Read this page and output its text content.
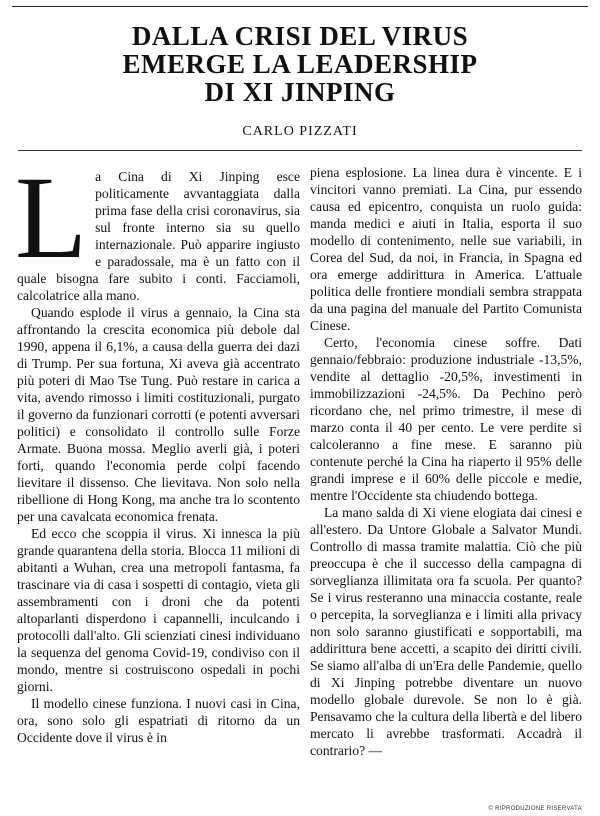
DALLA CRISI DEL VIRUS
EMERGE LA LEADERSHIP
DI XI JINPING
CARLO PIZZATI

La Cina di Xi Jinping esce politicamente avvantaggiata dalla prima fase della crisi coronavirus, sia sul fronte interno sia su quello internazionale. Può apparire ingiusto e paradossale, ma è un fatto con il quale bisogna fare subito i conti. Facciamoli, calcolatrice alla mano.

Quando esplode il virus a gennaio, la Cina sta affrontando la crescita economica più debole dal 1990, appena il 6,1%, a causa della guerra dei dazi di Trump. Per sua fortuna, Xi aveva già accentrato più poteri di Mao Tse Tung. Può restare in carica a vita, avendo rimosso i limiti costituzionali, purgato il governo da funzionari corrotti (e potenti avversari politici) e consolidato il controllo sulle Forze Armate. Buona mossa. Meglio averli già, i poteri forti, quando l'economia perde colpi facendo lievitare il dissenso. Che lievitava. Non solo nella ribellione di Hong Kong, ma anche tra lo scontento per una cavalcata economica frenata.

Ed ecco che scoppia il virus. Xi innesca la più grande quarantena della storia. Blocca 11 milioni di abitanti a Wuhan, crea una metropoli fantasma, fa trascinare via di casa i sospetti di contagio, vieta gli assembramenti con i droni che da potenti altoparlanti disperdono i capannelli, inculcando i protocolli dall'alto. Gli scienziati cinesi individuano la sequenza del genoma Covid-19, condiviso con il mondo, mentre si costruiscono ospedali in pochi giorni.

Il modello cinese funziona. I nuovi casi in Cina, ora, sono solo gli espatriati di ritorno da un Occidente dove il virus è in

piena esplosione. La linea dura è vincente. E i vincitori vanno premiati. La Cina, pur essendo causa ed epicentro, conquista un ruolo guida: manda medici e aiuti in Italia, esporta il suo modello di contenimento, nelle sue variabili, in Corea del Sud, da noi, in Francia, in Spagna ed ora emerge addirittura in America. L'attuale politica delle frontiere mondiali sembra strappata da una pagina del manuale del Partito Comunista Cinese.

Certo, l'economia cinese soffre. Dati gennaio/febbraio: produzione industriale -13,5%, vendite al dettaglio -20,5%, investimenti in immobilizzazioni -24,5%. Da Pechino però ricordano che, nel primo trimestre, il mese di marzo conta il 40 per cento. Le vere perdite si calcoleranno a fine mese. E saranno più contenute perché la Cina ha riaperto il 95% delle grandi imprese e il 60% delle piccole e medie, mentre l'Occidente sta chiudendo bottega.

La mano salda di Xi viene elogiata dai cinesi e all'estero. Da Untore Globale a Salvator Mundi. Controllo di massa tramite malattia. Ciò che più preoccupa è che il successo della campagna di sorveglianza illimitata ora fa scuola. Per quanto? Se i virus resteranno una minaccia costante, reale o percepita, la sorveglianza e i limiti alla privacy non solo saranno giustificati e sopportabili, ma addirittura bene accetti, a scapito dei diritti civili. Se siamo all'alba di un'Era delle Pandemie, quello di Xi Jinping potrebbe diventare un nuovo modello globale durevole. Se non lo è già. Pensavamo che la cultura della libertà e del libero mercato li avrebbe trasformati. Accadrà il contrario? —

© RIPRODUZIONE RISERVATA
